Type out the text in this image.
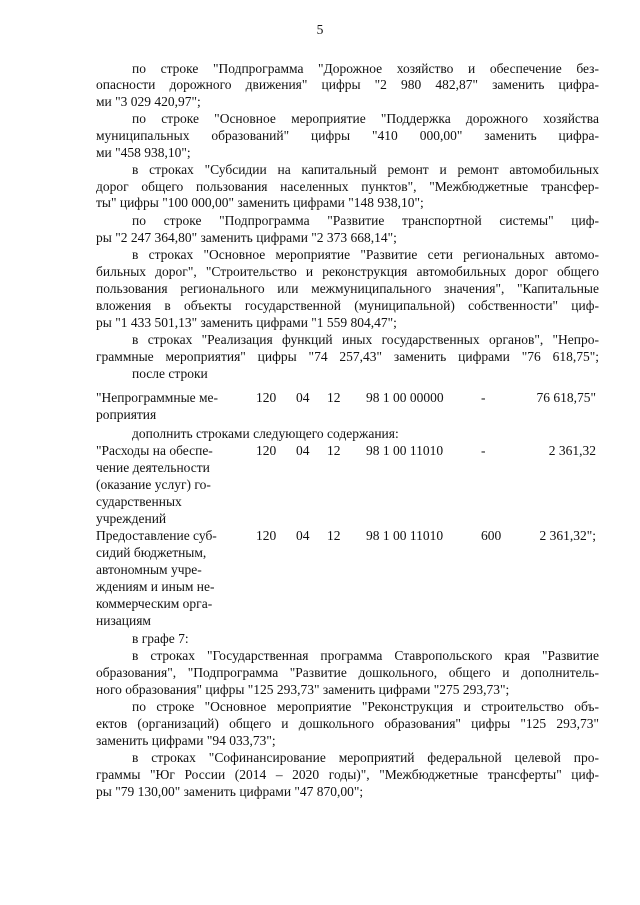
5
по строке "Подпрограмма "Дорожное хозяйство и обеспечение без-
опасности дорожного движения" цифры "2 980 482,87" заменить цифра-
ми "3 029 420,97";
по строке "Основное мероприятие "Поддержка дорожного хозяйства
муниципальных образований" цифры "410 000,00" заменить цифра-
ми "458 938,10";
в строках "Субсидии на капитальный ремонт и ремонт автомобильных
дорог общего пользования населенных пунктов", "Межбюджетные трансфер-
ты" цифры "100 000,00" заменить цифрами "148 938,10";
по строке "Подпрограмма "Развитие транспортной системы" циф-
ры "2 247 364,80" заменить цифрами "2 373 668,14";
в строках "Основное мероприятие "Развитие сети региональных автомо-
бильных дорог", "Строительство и реконструкция автомобильных дорог общего
пользования регионального или межмуниципального значения", "Капитальные
вложения в объекты государственной (муниципальной) собственности" циф-
ры "1 433 501,13" заменить цифрами "1 559 804,47";
в строках "Реализация функций иных государственных органов", "Непро-
граммные мероприятия" цифры "74 257,43" заменить цифрами "76 618,75";
после строки
дополнить строками следующего содержания:
в графе 7:
в строках "Государственная программа Ставропольского края "Развитие
образования", "Подпрограмма "Развитие дошкольного, общего и дополнитель-
ного образования" цифры "125 293,73" заменить цифрами "275 293,73";
по строке "Основное мероприятие "Реконструкция и строительство объ-
ектов (организаций) общего и дошкольного образования" цифры "125 293,73"
заменить цифрами "94 033,73";
в строках "Софинансирование мероприятий федеральной целевой про-
граммы "Юг России (2014 – 2020 годы)", "Межбюджетные трансферты" циф-
ры "79 130,00" заменить цифрами "47 870,00";
"Непрограммные ме-
роприятия
120 04 12 98 1 00 00000	-	76 618,75"
"Расходы на обеспе-
чение деятельности
(оказание услуг) го-
сударственных
учреждений
120 04 12 98 1 00 11010	-	2 361,32
Предоставление суб-
сидий бюджетным,
автономным учре-
ждениям и иным не-
коммерческим орга-
низациям
120 04 12 98 1 00 11010	600	2 361,32";
